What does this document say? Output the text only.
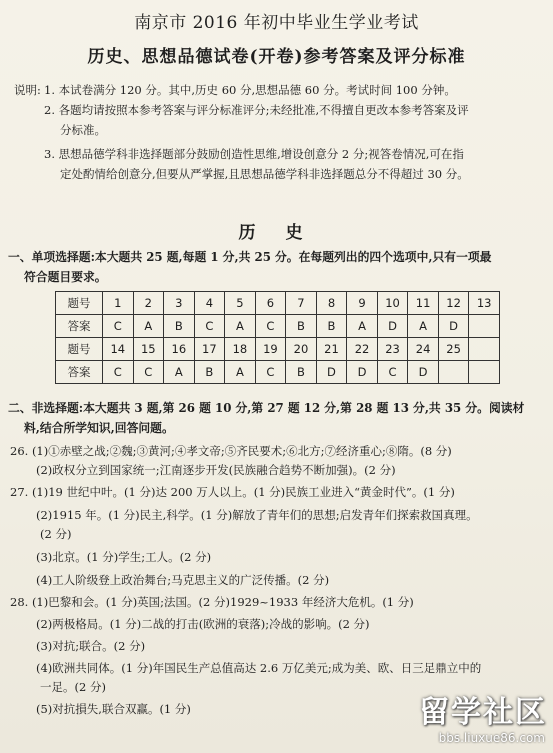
南京市 2016 年初中毕业生学业考试
历史、思想品德试卷(开卷)参考答案及评分标准
说明: 1. 本试卷满分 120 分。其中,历史 60 分,思想品德 60 分。考试时间 100 分钟。
2. 各题均请按照本参考答案与评分标准评分;未经批准,不得擅自更改本参考答案及评
分标准。
3. 思想品德学科非选择题部分鼓励创造性思维,增设创意分 2 分;视答卷情况,可在指
定处酌情给创意分,但要从严掌握,且思想品德学科非选择题总分不得超过 30 分。
历 史
一、单项选择题:本大题共 25 题,每题 1 分,共 25 分。在每题列出的四个选项中,只有一项最
符合题目要求。
题号	1	2	3	4	5	6	7	8	9	10	11	12	13
答案	C	A	B	C	A	C	B	B	A	D	A	D	
题号	14	15	16	17	18	19	20	21	22	23	24	25	
答案	C	C	A	B	A	C	B	D	D	C	D		
二、非选择题:本大题共 3 题,第 26 题 10 分,第 27 题 12 分,第 28 题 13 分,共 35 分。阅读材
料,结合所学知识,回答问题。
26. (1)①赤壁之战;②魏;③黄河;④孝文帝;⑤齐民要术;⑥北方;⑦经济重心;⑧隋。(8 分)
(2)政权分立到国家统一;江南逐步开发(民族融合趋势不断加强)。(2 分)
27. (1)19 世纪中叶。(1 分)达 200 万人以上。(1 分)民族工业进入“黄金时代”。(1 分)
(2)1915 年。(1 分)民主,科学。(1 分)解放了青年们的思想;启发青年们探索救国真理。
(2 分)
(3)北京。(1 分)学生;工人。(2 分)
(4)工人阶级登上政治舞台;马克思主义的广泛传播。(2 分)
28. (1)巴黎和会。(1 分)英国;法国。(2 分)1929~1933 年经济大危机。(1 分)
(2)两极格局。(1 分)二战的打击(欧洲的衰落);冷战的影响。(2 分)
(3)对抗;联合。(2 分)
(4)欧洲共同体。(1 分)年国民生产总值高达 2.6 万亿美元;成为美、欧、日三足鼎立中的
一足。(2 分)
(5)对抗損失,联合双赢。(1 分)	留学社区
bbs.liuxue86.com
